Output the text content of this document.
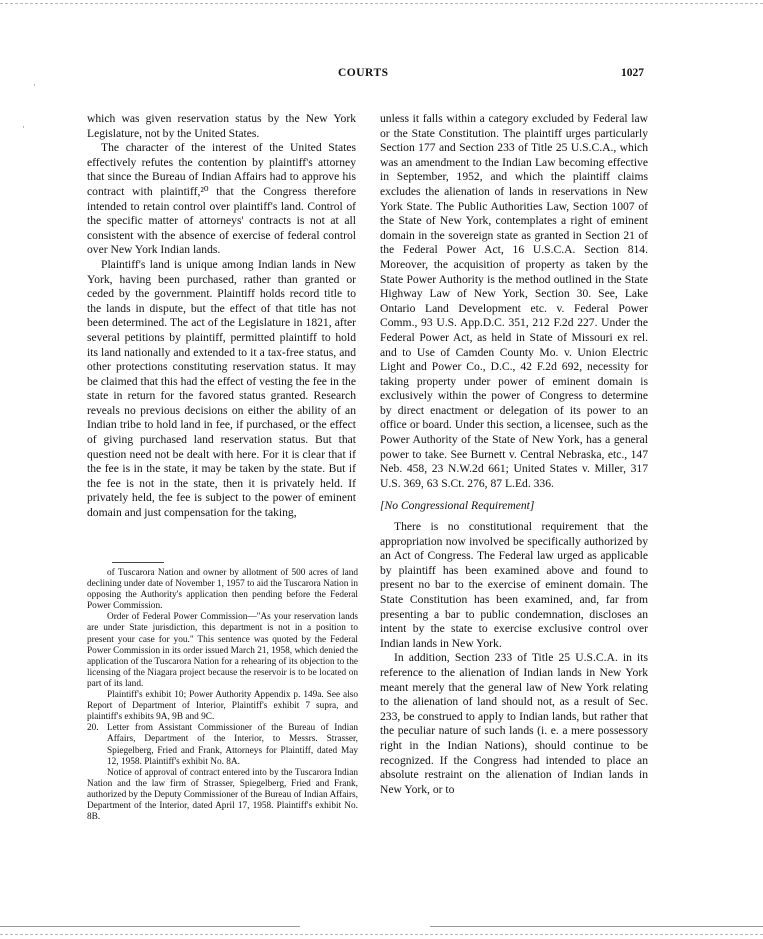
COURTS	1027
·
·

which was given reservation status by the New York Legislature, not by the United States.

The character of the interest of the United States effectively refutes the contention by plaintiff's attorney that since the Bureau of Indian Affairs had to approve his contract with plaintiff,²⁰ that the Congress therefore intended to retain control over plaintiff's land. Control of the specific matter of attorneys' contracts is not at all consistent with the absence of exercise of federal control over New York Indian lands.

Plaintiff's land is unique among Indian lands in New York, having been purchased, rather than granted or ceded by the government. Plaintiff holds record title to the lands in dispute, but the effect of that title has not been determined. The act of the Legislature in 1821, after several petitions by plaintiff, permitted plaintiff to hold its land nationally and extended to it a tax-free status, and other protections constituting reservation status. It may be claimed that this had the effect of vesting the fee in the state in return for the favored status granted. Research reveals no previous decisions on either the ability of an Indian tribe to hold land in fee, if purchased, or the effect of giving purchased land reservation status. But that question need not be dealt with here. For it is clear that if the fee is in the state, it may be taken by the state. But if the fee is not in the state, then it is privately held. If privately held, the fee is subject to the power of eminent domain and just compensation for the taking,

of Tuscarora Nation and owner by allotment of 500 acres of land declining under date of November 1, 1957 to aid the Tuscarora Nation in opposing the Authority's application then pending before the Federal Power Commission.

Order of Federal Power Commission—"As your reservation lands are under State jurisdiction, this department is not in a position to present your case for you." This sentence was quoted by the Federal Power Commission in its order issued March 21, 1958, which denied the application of the Tuscarora Nation for a rehearing of its objection to the licensing of the Niagara project because the reservoir is to be located on part of its land.

Plaintiff's exhibit 10; Power Authority Appendix p. 149a. See also Report of Department of Interior, Plaintiff's exhibit 7 supra, and plaintiff's exhibits 9A, 9B and 9C.

20. Letter from Assistant Commissioner of the Bureau of Indian Affairs, Department of the Interior, to Messrs. Strasser, Spiegelberg, Fried and Frank, Attorneys for Plaintiff, dated May 12, 1958. Plaintiff's exhibit No. 8A.

Notice of approval of contract entered into by the Tuscarora Indian Nation and the law firm of Strasser, Spiegelberg, Fried and Frank, authorized by the Deputy Commissioner of the Bureau of Indian Affairs, Department of the Interior, dated April 17, 1958. Plaintiff's exhibit No. 8B.

unless it falls within a category excluded by Federal law or the State Constitution. The plaintiff urges particularly Section 177 and Section 233 of Title 25 U.S.C.A., which was an amendment to the Indian Law becoming effective in September, 1952, and which the plaintiff claims excludes the alienation of lands in reservations in New York State. The Public Authorities Law, Section 1007 of the State of New York, contemplates a right of eminent domain in the sovereign state as granted in Section 21 of the Federal Power Act, 16 U.S.C.A. Section 814. Moreover, the acquisition of property as taken by the State Power Authority is the method outlined in the State Highway Law of New York, Section 30. See, Lake Ontario Land Development etc. v. Federal Power Comm., 93 U.S. App.D.C. 351, 212 F.2d 227. Under the Federal Power Act, as held in State of Missouri ex rel. and to Use of Camden County Mo. v. Union Electric Light and Power Co., D.C., 42 F.2d 692, necessity for taking property under power of eminent domain is exclusively within the power of Congress to determine by direct enactment or delegation of its power to an office or board. Under this section, a licensee, such as the Power Authority of the State of New York, has a general power to take. See Burnett v. Central Nebraska, etc., 147 Neb. 458, 23 N.W.2d 661; United States v. Miller, 317 U.S. 369, 63 S.Ct. 276, 87 L.Ed. 336.

[No Congressional Requirement]

There is no constitutional requirement that the appropriation now involved be specifically authorized by an Act of Congress. The Federal law urged as applicable by plaintiff has been examined above and found to present no bar to the exercise of eminent domain. The State Constitution has been examined, and, far from presenting a bar to public condemnation, discloses an intent by the state to exercise exclusive control over Indian lands in New York.

In addition, Section 233 of Title 25 U.S.C.A. in its reference to the alienation of Indian lands in New York meant merely that the general law of New York relating to the alienation of land should not, as a result of Sec. 233, be construed to apply to Indian lands, but rather that the peculiar nature of such lands (i. e. a mere possessory right in the Indian Nations), should continue to be recognized. If the Congress had intended to place an absolute restraint on the alienation of Indian lands in New York, or to
